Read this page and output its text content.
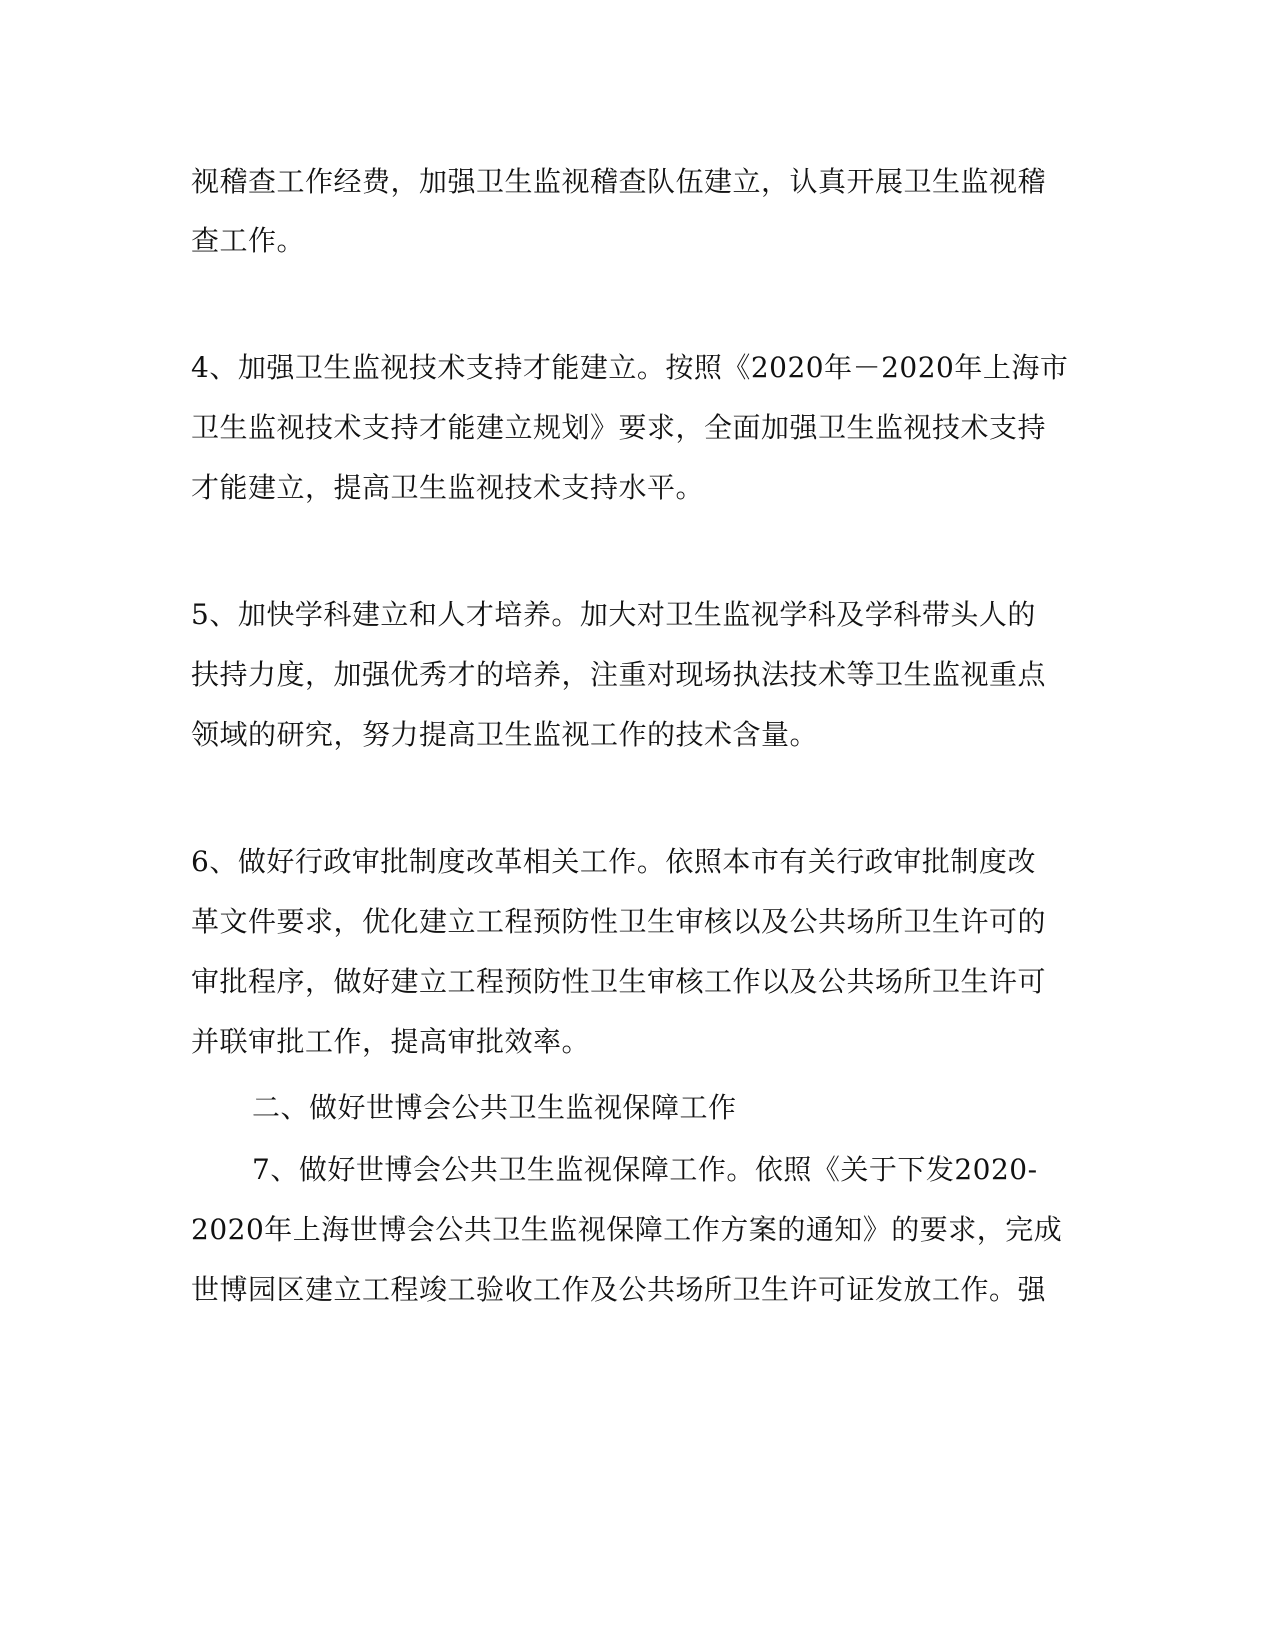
视稽查工作经费，加强卫生监视稽查队伍建立，认真开展卫生监视稽
查工作。
4、加强卫生监视技术支持才能建立。按照《2020年－2020年上海市
卫生监视技术支持才能建立规划》要求，全面加强卫生监视技术支持
才能建立，提高卫生监视技术支持水平。
5、加快学科建立和人才培养。加大对卫生监视学科及学科带头人的
扶持力度，加强优秀才的培养，注重对现场执法技术等卫生监视重点
领域的研究，努力提高卫生监视工作的技术含量。
6、做好行政审批制度改革相关工作。依照本市有关行政审批制度改
革文件要求，优化建立工程预防性卫生审核以及公共场所卫生许可的
审批程序，做好建立工程预防性卫生审核工作以及公共场所卫生许可
并联审批工作，提高审批效率。
二、做好世博会公共卫生监视保障工作
7、做好世博会公共卫生监视保障工作。依照《关于下发2020-
2020年上海世博会公共卫生监视保障工作方案的通知》的要求，完成
世博园区建立工程竣工验收工作及公共场所卫生许可证发放工作。强
